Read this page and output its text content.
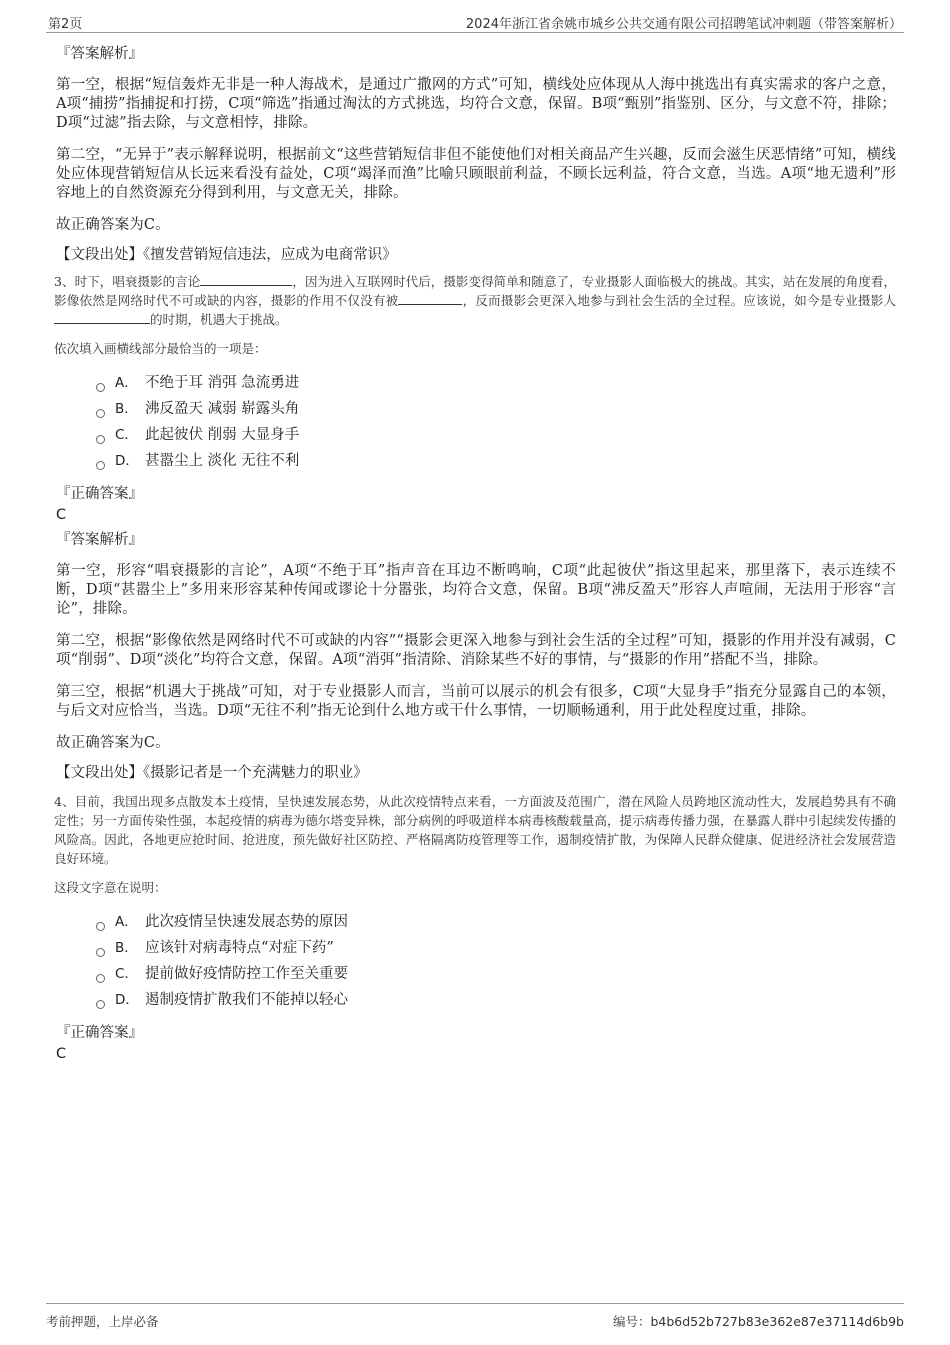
第2页	2024年浙江省余姚市城乡公共交通有限公司招聘笔试冲刺题（带答案解析）
『答案解析』

第一空，根据“短信轰炸无非是一种人海战术，是通过广撒网的方式”可知，横线处应体现从人海中挑选出有真实需求的客户之意，A项“捕捞”指捕捉和打捞，C项“筛选”指通过淘汰的方式挑选，均符合文意，保留。B项“甄别”指鉴别、区分，与文意不符，排除；D项“过滤”指去除，与文意相悖，排除。

第二空，“无异于”表示解释说明，根据前文“这些营销短信非但不能使他们对相关商品产生兴趣，反而会滋生厌恶情绪”可知，横线处应体现营销短信从长远来看没有益处，C项“竭泽而渔”比喻只顾眼前利益，不顾长远利益，符合文意，当选。A项“地无遗利”形容地上的自然资源充分得到利用，与文意无关，排除。

故正确答案为C。

【文段出处】《擅发营销短信违法，应成为电商常识》

3、时下，唱衰摄影的言论	，因为进入互联网时代后，摄影变得简单和随意了，专业摄影人面临极大的挑战。其实，站在发展的角度看，影像依然是网络时代不可或缺的内容，摄影的作用不仅没有被	，反而摄影会更深入地参与到社会生活的全过程。应该说，如今是专业摄影人的时期，机遇大于挑战。

依次填入画横线部分最恰当的一项是：
A． 不绝于耳 消弭 急流勇进
B． 沸反盈天 减弱 崭露头角
C． 此起彼伏 削弱 大显身手
D． 甚嚣尘上 淡化 无往不利
『正确答案』
C
『答案解析』

第一空，形容“唱衰摄影的言论”，A项“不绝于耳”指声音在耳边不断鸣响，C项“此起彼伏”指这里起来，那里落下，表示连续不断，D项“甚嚣尘上”多用来形容某种传闻或谬论十分嚣张，均符合文意，保留。B项“沸反盈天”形容人声喧闹，无法用于形容“言论”，排除。

第二空，根据“影像依然是网络时代不可或缺的内容”“摄影会更深入地参与到社会生活的全过程”可知，摄影的作用并没有减弱，C项“削弱”、D项“淡化”均符合文意，保留。A项“消弭”指清除、消除某些不好的事情，与“摄影的作用”搭配不当，排除。

第三空，根据“机遇大于挑战”可知，对于专业摄影人而言，当前可以展示的机会有很多，C项“大显身手”指充分显露自己的本领，与后文对应恰当，当选。D项“无往不利”指无论到什么地方或干什么事情，一切顺畅通利，用于此处程度过重，排除。

故正确答案为C。

【文段出处】《摄影记者是一个充满魅力的职业》

4、目前，我国出现多点散发本土疫情，呈快速发展态势，从此次疫情特点来看，一方面波及范围广，潜在风险人员跨地区流动性大，发展趋势具有不确定性；另一方面传染性强，本起疫情的病毒为德尔塔变异株，部分病例的呼吸道样本病毒核酸载量高，提示病毒传播力强，在暴露人群中引起续发传播的风险高。因此，各地更应抢时间、抢进度，预先做好社区防控、严格隔离防疫管理等工作，遏制疫情扩散，为保障人民群众健康、促进经济社会发展营造良好环境。

这段文字意在说明：
A． 此次疫情呈快速发展态势的原因
B． 应该针对病毒特点“对症下药”
C． 提前做好疫情防控工作至关重要
D． 遏制疫情扩散我们不能掉以轻心
『正确答案』
C
考前押题，上岸必备	编号：b4b6d52b727b83e362e87e37114d6b9b
